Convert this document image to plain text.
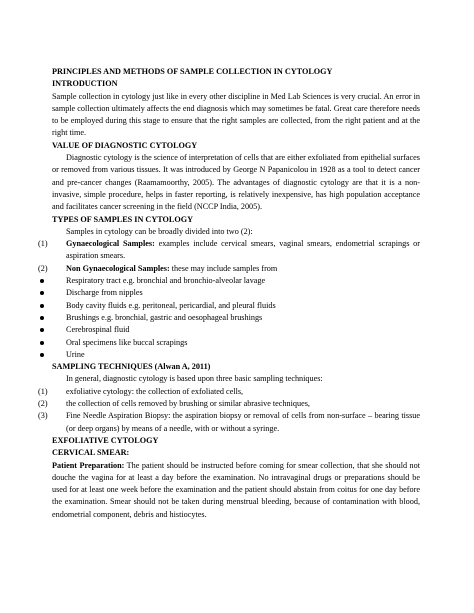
PRINCIPLES AND METHODS OF SAMPLE COLLECTION IN CYTOLOGY

INTRODUCTION

Sample collection in cytology just like in every other discipline in Med Lab Sciences is very crucial. An error in sample collection ultimately affects the end diagnosis which may sometimes be fatal. Great care therefore needs to be employed during this stage to ensure that the right samples are collected, from the right patient and at the right time.

VALUE OF DIAGNOSTIC CYTOLOGY

Diagnostic cytology is the science of interpretation of cells that are either exfoliated from epithelial surfaces or removed from various tissues. It was introduced by George N Papanicolou in 1928 as a tool to detect cancer and pre-cancer changes (Raamamoorthy, 2005). The advantages of diagnostic cytology are that it is a non-invasive, simple procedure, helps in faster reporting, is relatively inexpensive, has high population acceptance and facilitates cancer screening in the field (NCCP India, 2005).

TYPES OF SAMPLES IN CYTOLOGY

Samples in cytology can be broadly divided into two (2):

(1) Gynaecological Samples: examples include cervical smears, vaginal smears, endometrial scrapings or aspiration smears.
(2) Non Gynaecological Samples: these may include samples from
Respiratory tract e.g. bronchial and bronchio-alveolar lavage
Discharge from nipples
Body cavity fluids e.g. peritoneal, pericardial, and pleural fluids
Brushings e.g. bronchial, gastric and oesophageal brushings
Cerebrospinal fluid
Oral specimens like buccal scrapings
Urine

SAMPLING TECHNIQUES (Alwan A, 2011)

In general, diagnostic cytology is based upon three basic sampling techniques:

(1) exfoliative cytology: the collection of exfoliated cells,
(2) the collection of cells removed by brushing or similar abrasive techniques,
(3) Fine Needle Aspiration Biopsy: the aspiration biopsy or removal of cells from non-surface – bearing tissue (or deep organs) by means of a needle, with or without a syringe.

EXFOLIATIVE CYTOLOGY

CERVICAL SMEAR:

Patient Preparation: The patient should be instructed before coming for smear collection, that she should not douche the vagina for at least a day before the examination. No intravaginal drugs or preparations should be used for at least one week before the examination and the patient should abstain from coitus for one day before the examination. Smear should not be taken during menstrual bleeding, because of contamination with blood, endometrial component, debris and histiocytes.
